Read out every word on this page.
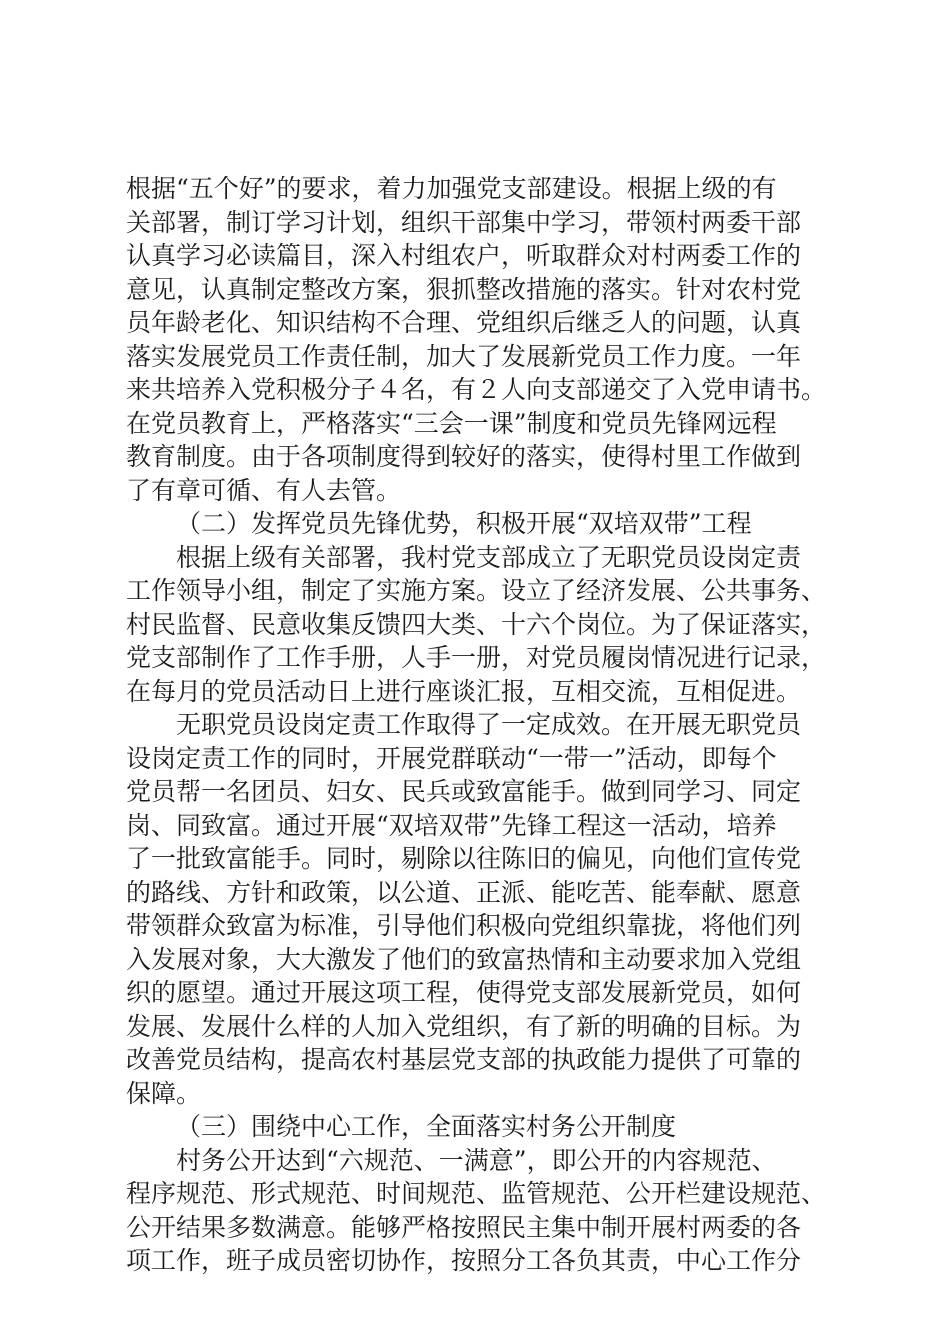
根据“五个好”的要求，着力加强党支部建设。根据上级的有
关部署，制订学习计划，组织干部集中学习，带领村两委干部
认真学习必读篇目，深入村组农户，听取群众对村两委工作的
意见，认真制定整改方案，狠抓整改措施的落实。针对农村党
员年龄老化、知识结构不合理、党组织后继乏人的问题，认真
落实发展党员工作责任制，加大了发展新党员工作力度。一年
来共培养入党积极分子４名，有２人向支部递交了入党申请书。
在党员教育上，严格落实“三会一课”制度和党员先锋网远程
教育制度。由于各项制度得到较好的落实，使得村里工作做到
了有章可循、有人去管。
（二）发挥党员先锋优势，积极开展“双培双带”工程
根据上级有关部署，我村党支部成立了无职党员设岗定责
工作领导小组，制定了实施方案。设立了经济发展、公共事务、
村民监督、民意收集反馈四大类、十六个岗位。为了保证落实，
党支部制作了工作手册，人手一册，对党员履岗情况进行记录，
在每月的党员活动日上进行座谈汇报，互相交流，互相促进。
无职党员设岗定责工作取得了一定成效。在开展无职党员
设岗定责工作的同时，开展党群联动“一带一”活动，即每个
党员帮一名团员、妇女、民兵或致富能手。做到同学习、同定
岗、同致富。通过开展“双培双带”先锋工程这一活动，培养
了一批致富能手。同时，剔除以往陈旧的偏见，向他们宣传党
的路线、方针和政策，以公道、正派、能吃苦、能奉献、愿意
带领群众致富为标准，引导他们积极向党组织靠拢，将他们列
入发展对象，大大激发了他们的致富热情和主动要求加入党组
织的愿望。通过开展这项工程，使得党支部发展新党员，如何
发展、发展什么样的人加入党组织，有了新的明确的目标。为
改善党员结构，提高农村基层党支部的执政能力提供了可靠的
保障。
（三）围绕中心工作，全面落实村务公开制度
村务公开达到“六规范、一满意”，即公开的内容规范、
程序规范、形式规范、时间规范、监管规范、公开栏建设规范、
公开结果多数满意。能够严格按照民主集中制开展村两委的各
项工作，班子成员密切协作，按照分工各负其责，中心工作分
